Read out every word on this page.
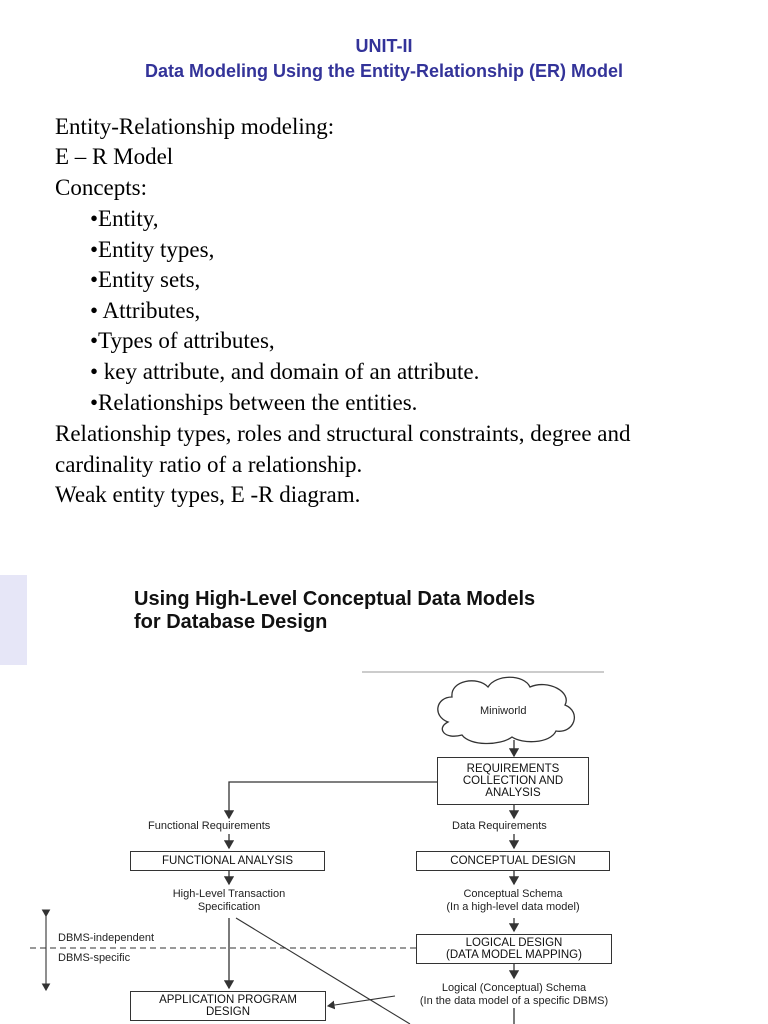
UNIT-II
Data Modeling Using the Entity-Relationship (ER) Model
Entity-Relationship modeling:
E – R Model
Concepts:
•Entity,
•Entity types,
•Entity sets,
• Attributes,
•Types of attributes,
• key attribute, and domain of an attribute.
•Relationships between the entities.
Relationship types, roles and structural constraints, degree and
cardinality ratio of a relationship.
Weak entity types, E -R diagram.
Using High-Level Conceptual Data Models
for Database Design
Miniworld
REQUIREMENTS
COLLECTION AND
ANALYSIS
Functional Requirements	Data Requirements
FUNCTIONAL ANALYSIS	CONCEPTUAL DESIGN
High-Level Transaction
Specification
Conceptual Schema
(In a high-level data model)
DBMS-independent
DBMS-specific
LOGICAL DESIGN
(DATA MODEL MAPPING)
Logical (Conceptual) Schema
(In the data model of a specific DBMS)
APPLICATION PROGRAM
DESIGN
